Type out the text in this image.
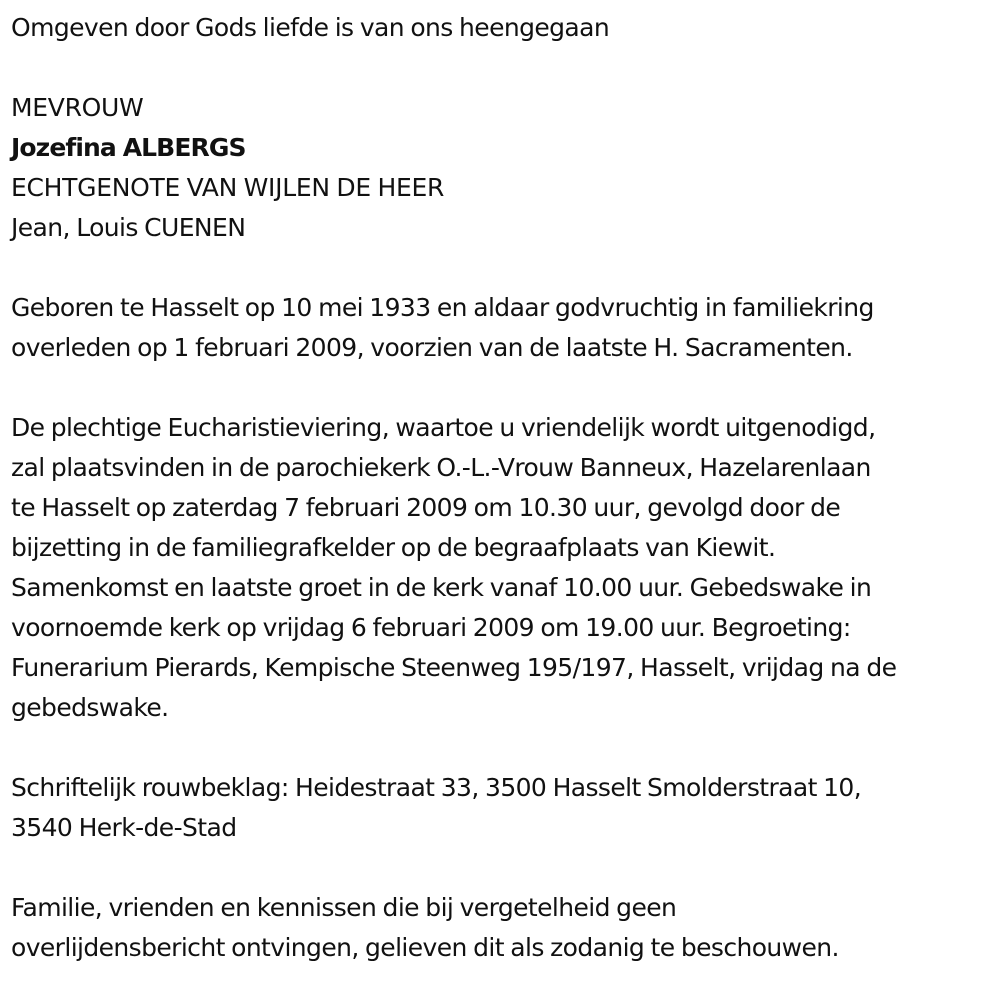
Omgeven door Gods liefde is van ons heengegaan
MEVROUW
Jozefina ALBERGS
ECHTGENOTE VAN WIJLEN DE HEER
Jean, Louis CUENEN
Geboren te Hasselt op 10 mei 1933 en aldaar godvruchtig in familiekring
overleden op 1 februari 2009, voorzien van de laatste H. Sacramenten.
De plechtige Eucharistieviering, waartoe u vriendelijk wordt uitgenodigd,
zal plaatsvinden in de parochiekerk O.-L.-Vrouw Banneux, Hazelarenlaan
te Hasselt op zaterdag 7 februari 2009 om 10.30 uur, gevolgd door de
bijzetting in de familiegrafkelder op de begraafplaats van Kiewit.
Samenkomst en laatste groet in de kerk vanaf 10.00 uur. Gebedswake in
voornoemde kerk op vrijdag 6 februari 2009 om 19.00 uur. Begroeting:
Funerarium Pierards, Kempische Steenweg 195/197, Hasselt, vrijdag na de
gebedswake.
Schriftelijk rouwbeklag: Heidestraat 33, 3500 Hasselt Smolderstraat 10,
3540 Herk-de-Stad
Familie, vrienden en kennissen die bij vergetelheid geen
overlijdensbericht ontvingen, gelieven dit als zodanig te beschouwen.
